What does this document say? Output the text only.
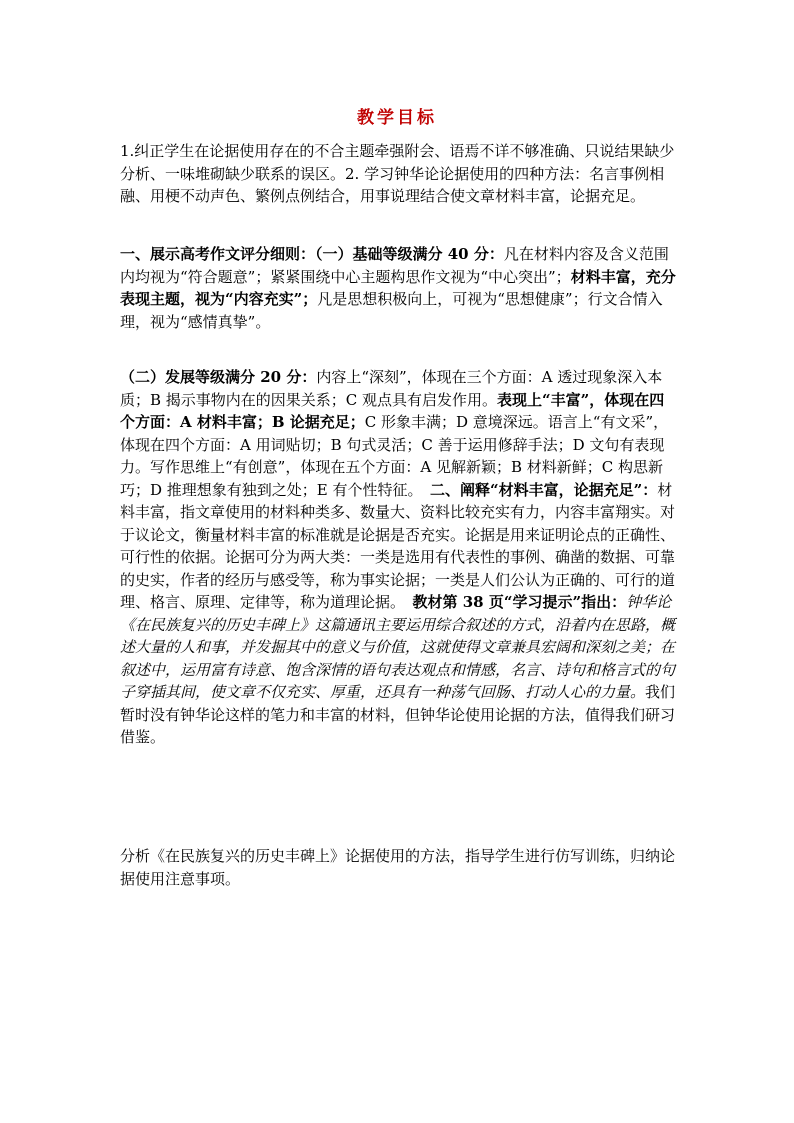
教学目标

1.纠正学生在论据使用存在的不合主题牵强附会、语焉不详不够准确、只说结果缺少分析、一味堆砌缺少联系的误区。2. 学习钟华论论据使用的四种方法：名言事例相融、用梗不动声色、繁例点例结合，用事说理结合使文章材料丰富，论据充足。

一、展示高考作文评分细则：（一）基础等级满分 40 分：凡在材料内容及含义范围内均视为“符合题意”；紧紧围绕中心主题构思作文视为“中心突出”；材料丰富，充分表现主题，视为“内容充实”；凡是思想积极向上，可视为“思想健康”；行文合情入理，视为“感情真挚”。

（二）发展等级满分 20 分：内容上“深刻”，体现在三个方面：A 透过现象深入本质；B 揭示事物内在的因果关系；C 观点具有启发作用。表现上“丰富”，体现在四个方面：A 材料丰富；B 论据充足；C 形象丰满；D 意境深远。语言上“有文采”，体现在四个方面：A 用词贴切；B 句式灵活；C 善于运用修辞手法；D 文句有表现力。写作思维上“有创意”，体现在五个方面：A 见解新颖；B 材料新鲜；C 构思新巧；D 推理想象有独到之处；E 有个性特征。　二、阐释“材料丰富，论据充足”：材料丰富，指文章使用的材料种类多、数量大、资料比较充实有力，内容丰富翔实。对于议论文，衡量材料丰富的标准就是论据是否充实。论据是用来证明论点的正确性、可行性的依据。论据可分为两大类：一类是选用有代表性的事例、确凿的数据、可靠的史实，作者的经历与感受等，称为事实论据；一类是人们公认为正确的、可行的道理、格言、原理、定律等，称为道理论据。　教材第 38 页“学习提示”指出：钟华论《在民族复兴的历史丰碑上》这篇通讯主要运用综合叙述的方式，沿着内在思路，概述大量的人和事，并发掘其中的意义与价值，这就使得文章兼具宏阔和深刻之美；在叙述中，运用富有诗意、饱含深情的语句表达观点和情感，名言、诗句和格言式的句子穿插其间，使文章不仅充实、厚重，还具有一种荡气回肠、打动人心的力量。我们暂时没有钟华论这样的笔力和丰富的材料，但钟华论使用论据的方法，值得我们研习借鉴。

分析《在民族复兴的历史丰碑上》论据使用的方法，指导学生进行仿写训练，归纳论据使用注意事项。
